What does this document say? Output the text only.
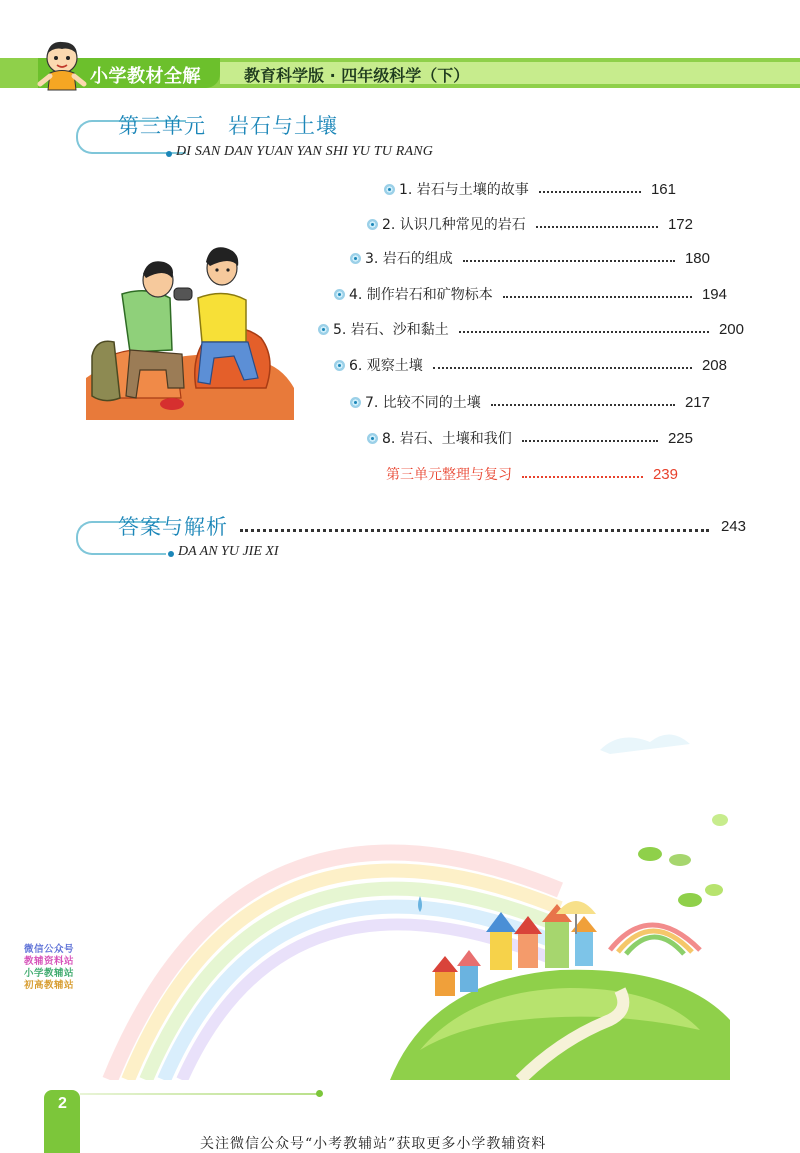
小学教材全解	教育科学版 · 四年级科学（下）
第三单元　岩石与土壤
DI SAN DAN YUAN YAN SHI YU TU RANG
1. 岩石与土壤的故事	161
2. 认识几种常见的岩石	172
3. 岩石的组成	180
4. 制作岩石和矿物标本	194
5. 岩石、沙和黏土	200
6. 观察土壤	208
7. 比较不同的土壤	217
8. 岩石、土壤和我们	225
第三单元整理与复习	239
答案与解析	243
DA AN YU JIE XI
微信公众号
教辅资料站
小学教辅站
初高教辅站
2
关注微信公众号“小考教辅站”获取更多小学教辅资料
